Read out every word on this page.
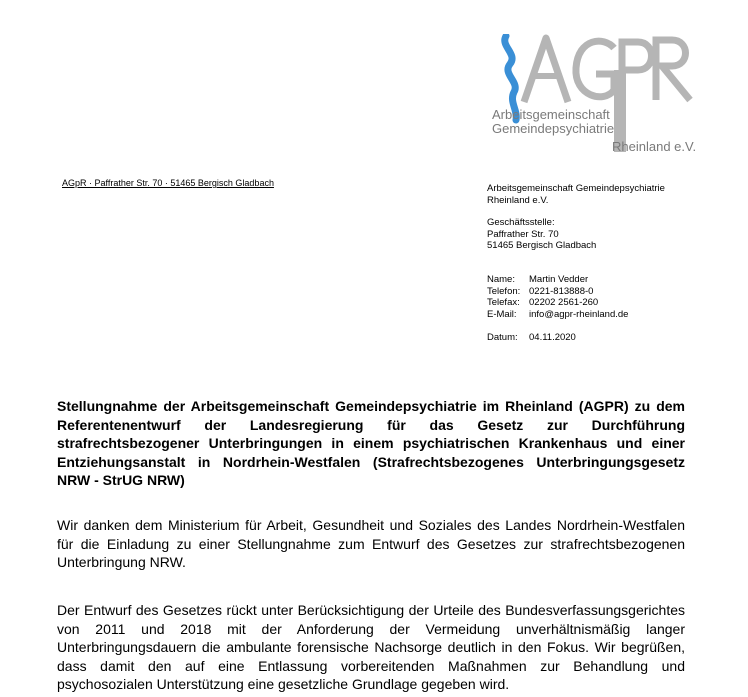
Arbeitsgemeinschaft
Gemeindepsychiatrie
Rheinland e.V.
AGpR · Paffrather Str. 70 · 51465 Bergisch Gladbach	Arbeitsgemeinschaft Gemeindepsychiatrie
Rheinland e.V.
Geschäftsstelle:
Paffrather Str. 70
51465 Bergisch Gladbach
Name:	Martin Vedder
Telefon: 0221-813888-0
Telefax: 02202 2561-260
E-Mail:	info@agpr-rheinland.de
Datum:	04.11.2020
Stellungnahme der Arbeitsgemeinschaft Gemeindepsychiatrie im Rheinland (AGPR) zu dem Referentenentwurf der Landesregierung für das Gesetz zur Durchführung strafrechtsbezogener Unterbringungen in einem psychiatrischen Krankenhaus und einer Entziehungsanstalt in Nordrhein-Westfalen (Strafrechtsbezogenes Unterbringungsgesetz NRW - StrUG NRW)
Wir danken dem Ministerium für Arbeit, Gesundheit und Soziales des Landes Nordrhein-Westfalen für die Einladung zu einer Stellungnahme zum Entwurf des Gesetzes zur strafrechtsbezogenen Unterbringung NRW.
Der Entwurf des Gesetzes rückt unter Berücksichtigung der Urteile des Bundesverfassungsgerichtes von 2011 und 2018 mit der Anforderung der Vermeidung unverhältnismäßig langer Unterbringungsdauern die ambulante forensische Nachsorge deutlich in den Fokus. Wir begrüßen, dass damit den auf eine Entlassung vorbereitenden Maßnahmen zur Behandlung und psychosozialen Unterstützung eine gesetzliche Grundlage gegeben wird.
